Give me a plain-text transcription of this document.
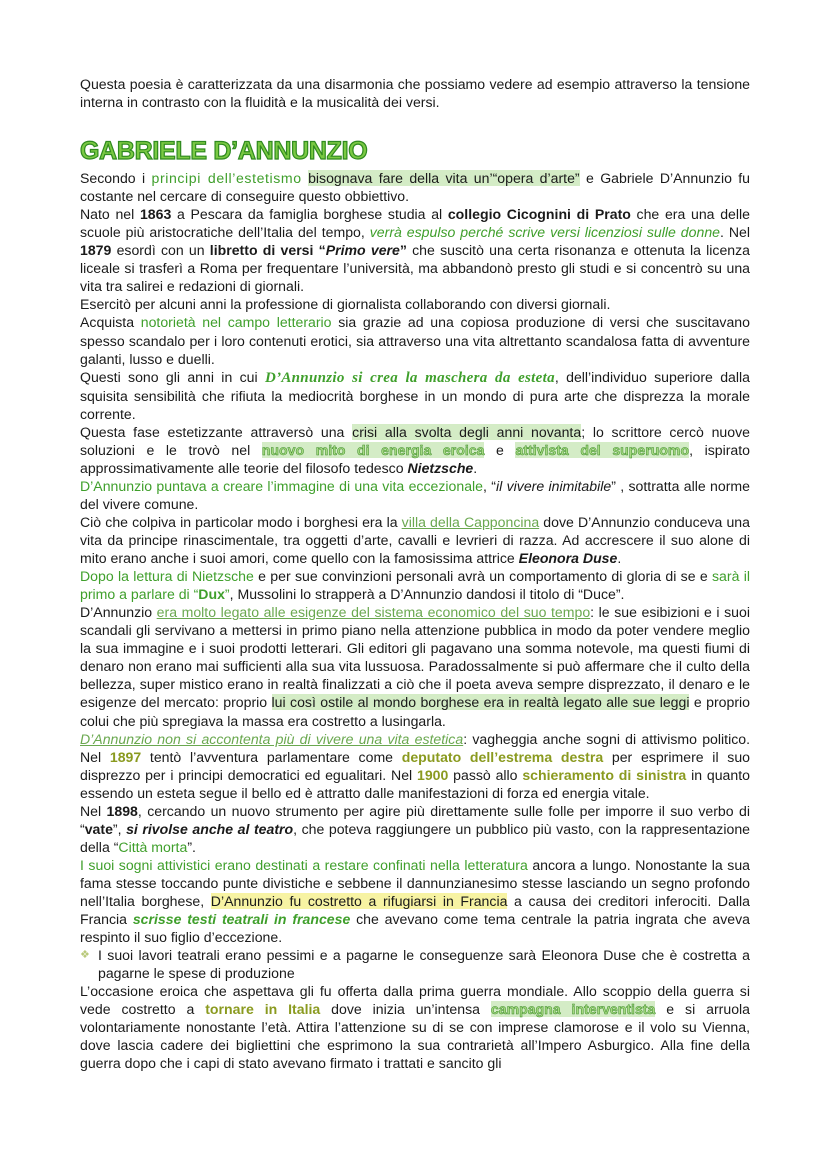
Questa poesia è caratterizzata da una disarmonia che possiamo vedere ad esempio attraverso la tensione interna in contrasto con la fluidità e la musicalità dei versi.

GABRIELE D’ANNUNZIO

Secondo i principi dell’estetismo bisognava fare della vita un’“opera d’arte” e Gabriele D’Annunzio fu costante nel cercare di conseguire questo obbiettivo.

Nato nel 1863 a Pescara da famiglia borghese studia al collegio Cicognini di Prato che era una delle scuole più aristocratiche dell’Italia del tempo, verrà espulso perché scrive versi licenziosi sulle donne. Nel 1879 esordì con un libretto di versi “Primo vere” che suscitò una certa risonanza e ottenuta la licenza liceale si trasferì a Roma per frequentare l’università, ma abbandonò presto gli studi e si concentrò su una vita tra salirei e redazioni di giornali.

Esercitò per alcuni anni la professione di giornalista collaborando con diversi giornali.

Acquista notorietà nel campo letterario sia grazie ad una copiosa produzione di versi che suscitavano spesso scandalo per i loro contenuti erotici, sia attraverso una vita altrettanto scandalosa fatta di avventure galanti, lusso e duelli.

Questi sono gli anni in cui D’Annunzio si crea la maschera da esteta, dell’individuo superiore dalla squisita sensibilità che rifiuta la mediocrità borghese in un mondo di pura arte che disprezza la morale corrente.

Questa fase estetizzante attraversò una crisi alla svolta degli anni novanta; lo scrittore cercò nuove soluzioni e le trovò nel nuovo mito di energia eroica e attivista del superuomo, ispirato approssimativamente alle teorie del filosofo tedesco Nietzsche.

D’Annunzio puntava a creare l’immagine di una vita eccezionale, “il vivere inimitabile” , sottratta alle norme del vivere comune.

Ciò che colpiva in particolar modo i borghesi era la villa della Capponcina dove D’Annunzio conduceva una vita da principe rinascimentale, tra oggetti d’arte, cavalli e levrieri di razza. Ad accrescere il suo alone di mito erano anche i suoi amori, come quello con la famosissima attrice Eleonora Duse.

Dopo la lettura di Nietzsche e per sue convinzioni personali avrà un comportamento di gloria di se e sarà il primo a parlare di “Dux”, Mussolini lo strapperà a D’Annunzio dandosi il titolo di “Duce”.

D’Annunzio era molto legato alle esigenze del sistema economico del suo tempo: le sue esibizioni e i suoi scandali gli servivano a mettersi in primo piano nella attenzione pubblica in modo da poter vendere meglio la sua immagine e i suoi prodotti letterari. Gli editori gli pagavano una somma notevole, ma questi fiumi di denaro non erano mai sufficienti alla sua vita lussuosa. Paradossalmente si può affermare che il culto della bellezza, super mistico erano in realtà finalizzati a ciò che il poeta aveva sempre disprezzato, il denaro e le esigenze del mercato: proprio lui così ostile al mondo borghese era in realtà legato alle sue leggi e proprio colui che più spregiava la massa era costretto a lusingarla.

D’Annunzio non si accontenta più di vivere una vita estetica: vagheggia anche sogni di attivismo politico. Nel 1897 tentò l’avventura parlamentare come deputato dell’estrema destra per esprimere il suo disprezzo per i principi democratici ed egualitari. Nel 1900 passò allo schieramento di sinistra in quanto essendo un esteta segue il bello ed è attratto dalle manifestazioni di forza ed energia vitale.

Nel 1898, cercando un nuovo strumento per agire più direttamente sulle folle per imporre il suo verbo di “vate”, si rivolse anche al teatro, che poteva raggiungere un pubblico più vasto, con la rappresentazione della “Città morta”.

I suoi sogni attivistici erano destinati a restare confinati nella letteratura ancora a lungo. Nonostante la sua fama stesse toccando punte divistiche e sebbene il dannunzianesimo stesse lasciando un segno profondo nell’Italia borghese, D’Annunzio fu costretto a rifugiarsi in Francia a causa dei creditori inferociti. Dalla Francia scrisse testi teatrali in francese che avevano come tema centrale la patria ingrata che aveva respinto il suo figlio d’eccezione.

❖ I suoi lavori teatrali erano pessimi e a pagarne le conseguenze sarà Eleonora Duse che è costretta a pagarne le spese di produzione

L’occasione eroica che aspettava gli fu offerta dalla prima guerra mondiale. Allo scoppio della guerra si vede costretto a tornare in Italia dove inizia un’intensa campagna interventista e si arruola volontariamente nonostante l’età. Attira l’attenzione su di se con imprese clamorose e il volo su Vienna, dove lascia cadere dei bigliettini che esprimono la sua contrarietà all’Impero Asburgico. Alla fine della guerra dopo che i capi di stato avevano firmato i trattati e sancito gli
